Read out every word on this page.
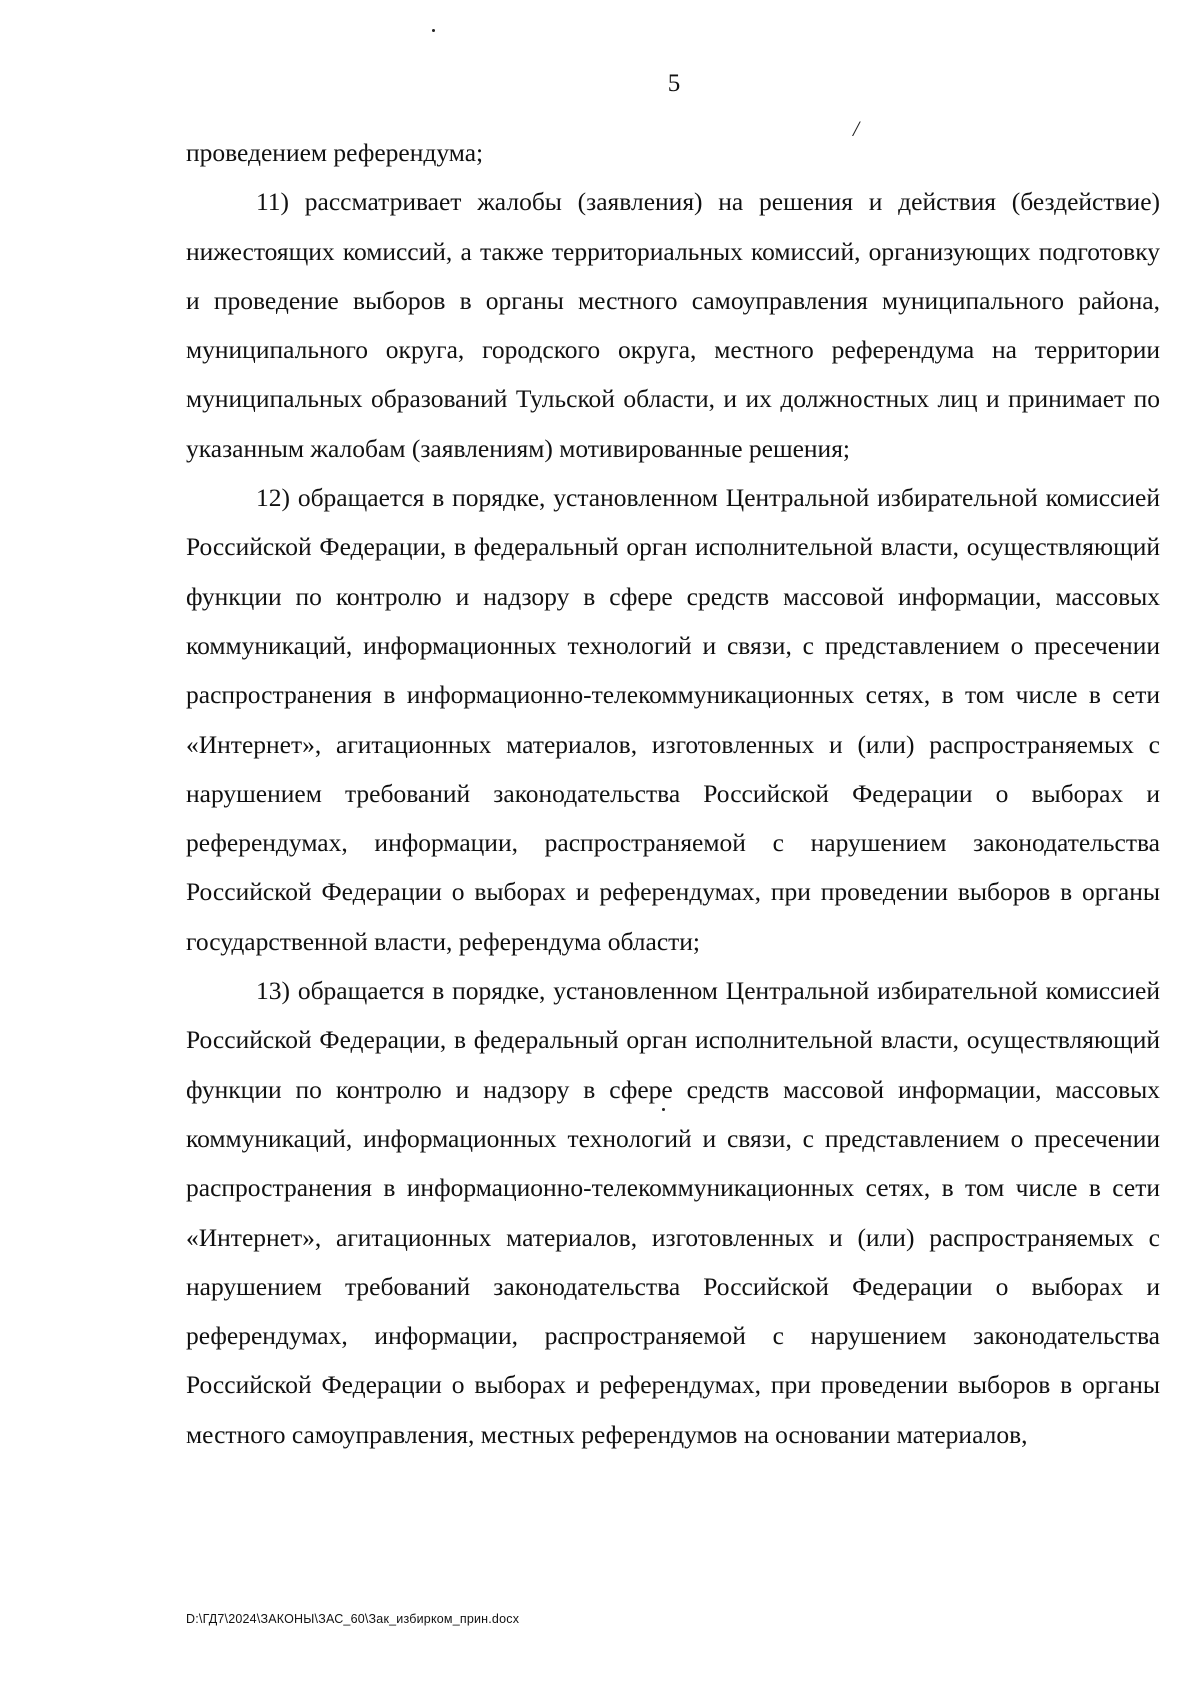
5
/

проведением референдума;

11) рассматривает жалобы (заявления) на решения и действия (бездействие) нижестоящих комиссий, а также территориальных комиссий, организующих подготовку и проведение выборов в органы местного самоуправления муниципального района, муниципального округа, городского округа, местного референдума на территории муниципальных образований Тульской области, и их должностных лиц и принимает по указанным жалобам (заявлениям) мотивированные решения;

12) обращается в порядке, установленном Центральной избирательной комиссией Российской Федерации, в федеральный орган исполнительной власти, осуществляющий функции по контролю и надзору в сфере средств массовой информации, массовых коммуникаций, информационных технологий и связи, с представлением о пресечении распространения в информационно-телекоммуникационных сетях, в том числе в сети «Интернет», агитационных материалов, изготовленных и (или) распространяемых с нарушением требований законодательства Российской Федерации о выборах и референдумах, информации, распространяемой с нарушением законодательства Российской Федерации о выборах и референдумах, при проведении выборов в органы государственной власти, референдума области;

13) обращается в порядке, установленном Центральной избирательной комиссией Российской Федерации, в федеральный орган исполнительной власти, осуществляющий функции по контролю и надзору в сфере средств массовой информации, массовых коммуникаций, информационных технологий и связи, с представлением о пресечении распространения в информационно-телекоммуникационных сетях, в том числе в сети «Интернет», агитационных материалов, изготовленных и (или) распространяемых с нарушением требований законодательства Российской Федерации о выборах и референдумах, информации, распространяемой с нарушением законодательства Российской Федерации о выборах и референдумах, при проведении выборов в органы местного самоуправления, местных референдумов на основании материалов,

D:\ГД7\2024\ЗАКОНЫ\ЗАС_60\Зак_избирком_прин.docx
